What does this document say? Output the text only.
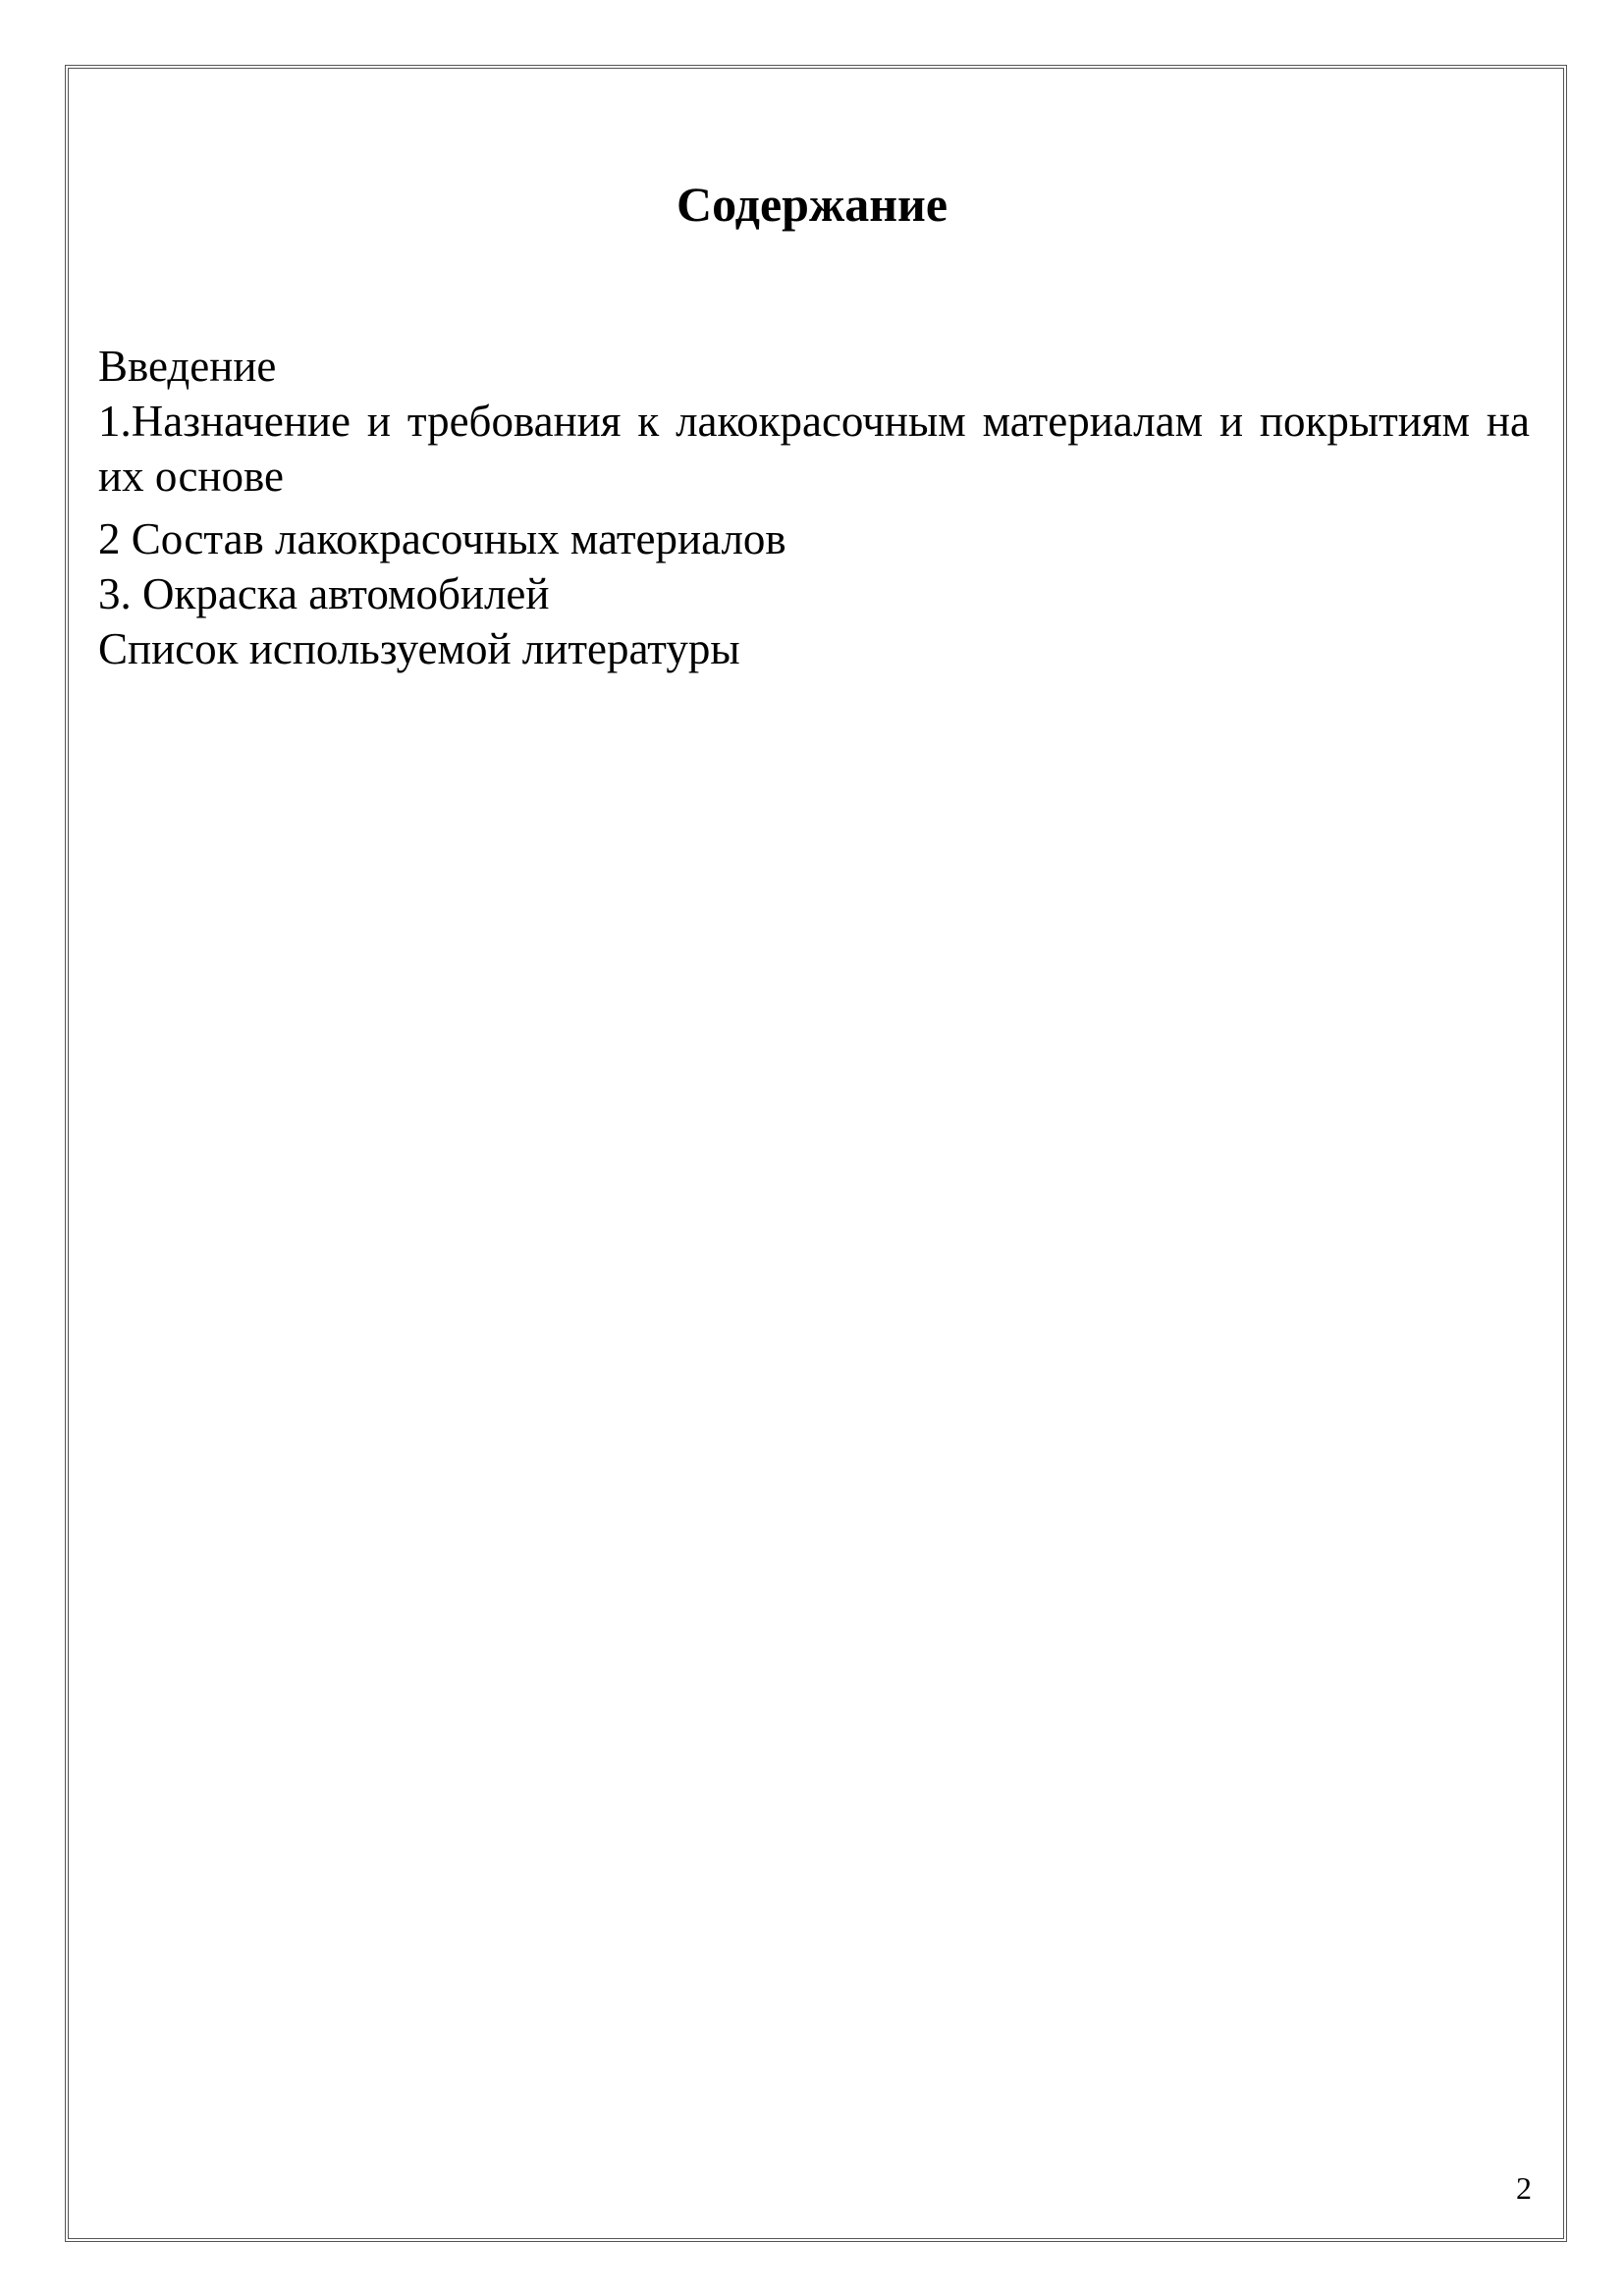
Содержание
Введение
1.Назначение и требования к лакокрасочным материалам и покрытиям на их основе
2 Состав лакокрасочных материалов
3. Окраска автомобилей
Список используемой литературы
2
